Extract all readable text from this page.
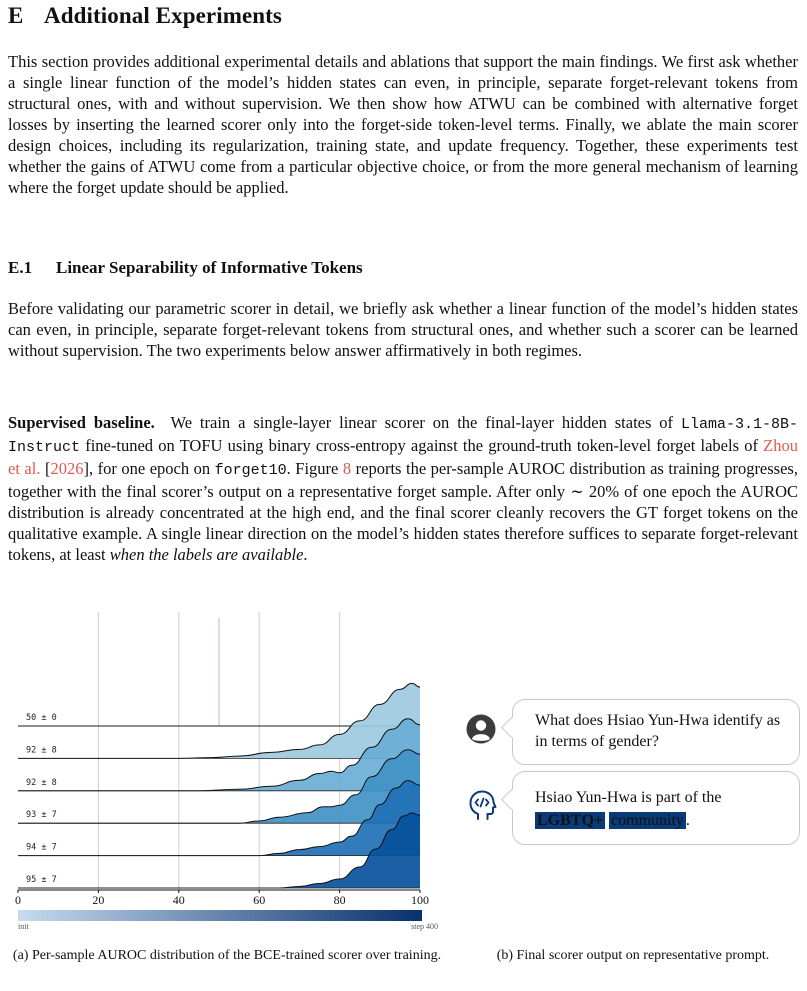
E Additional Experiments

This section provides additional experimental details and ablations that support the main findings. We first ask whether a single linear function of the model’s hidden states can even, in principle, separate forget-relevant tokens from structural ones, with and without supervision. We then show how ATWU can be combined with alternative forget losses by inserting the learned scorer only into the forget-side token-level terms. Finally, we ablate the main scorer design choices, including its regularization, training state, and update frequency. Together, these experiments test whether the gains of ATWU come from a particular objective choice, or from the more general mechanism of learning where the forget update should be applied.

E.1 Linear Separability of Informative Tokens

Before validating our parametric scorer in detail, we briefly ask whether a linear function of the model’s hidden states can even, in principle, separate forget-relevant tokens from structural ones, and whether such a scorer can be learned without supervision. The two experiments below answer affirmatively in both regimes.

Supervised baseline. We train a single-layer linear scorer on the final-layer hidden states of Llama-3.1-8B-Instruct fine-tuned on TOFU using binary cross-entropy against the ground-truth token-level forget labels of Zhou et al. [2026], for one epoch on forget10. Figure 8 reports the per-sample AUROC distribution as training progresses, together with the final scorer’s output on a representative forget sample. After only ∼ 20% of one epoch the AUROC distribution is already concentrated at the high end, and the final scorer cleanly recovers the GT forget tokens on the qualitative example. A single linear direction on the model’s hidden states therefore suffices to separate forget-relevant tokens, at least when the labels are available.

50 ± 0
92 ± 8
92 ± 8
93 ± 7
94 ± 7
95 ± 7
0	20	40	60	80	100
init	step 400
What does Hsiao Yun-Hwa identify as in terms of gender?
Hsiao Yun-Hwa is part of the LGBTQ+ community .
(a) Per-sample AUROC distribution of the BCE-trained scorer over training.	(b) Final scorer output on representative prompt.
